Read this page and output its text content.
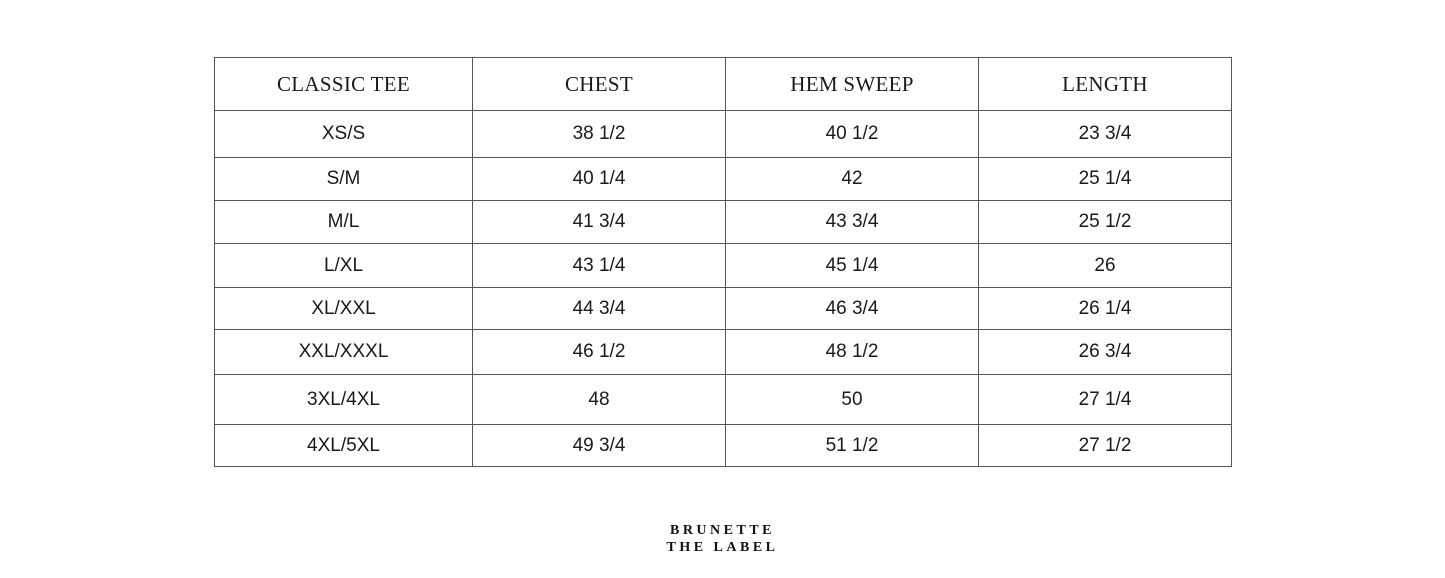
CLASSIC TEE	CHEST	HEM SWEEP	LENGTH
XS/S	38 1/2	40 1/2	23 3/4
S/M	40 1/4	42	25 1/4
M/L	41 3/4	43 3/4	25 1/2
L/XL	43 1/4	45 1/4	26
XL/XXL	44 3/4	46 3/4	26 1/4
XXL/XXXL	46 1/2	48 1/2	26 3/4
3XL/4XL	48	50	27 1/4
4XL/5XL	49 3/4	51 1/2	27 1/2
BRUNETTE
THE LABEL
